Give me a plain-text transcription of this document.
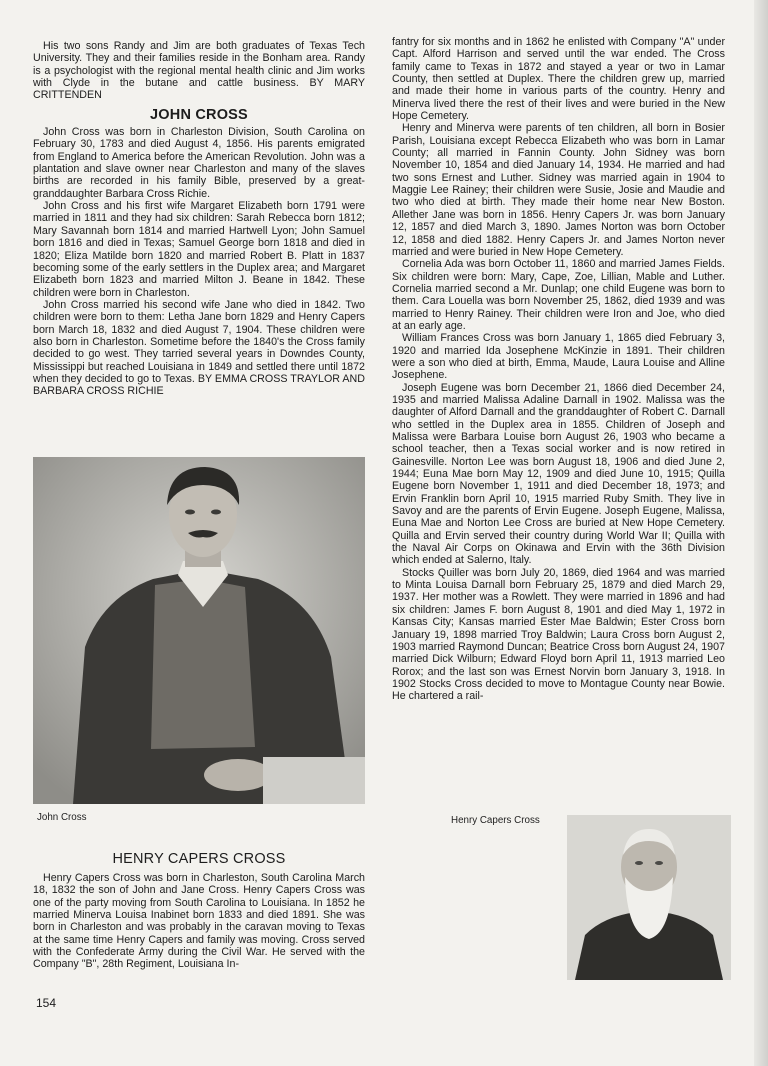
His two sons Randy and Jim are both graduates of Texas Tech University. They and their families reside in the Bonham area. Randy is a psychologist with the regional mental health clinic and Jim works with Clyde in the butane and cattle business. BY MARY CRITTENDEN

JOHN CROSS

John Cross was born in Charleston Division, South Carolina on February 30, 1783 and died August 4, 1856. His parents emigrated from England to America before the American Revolution. John was a plantation and slave owner near Charleston and many of the slaves births are recorded in his family Bible, preserved by a great-granddaughter Barbara Cross Richie.

John Cross and his first wife Margaret Elizabeth born 1791 were married in 1811 and they had six children: Sarah Rebecca born 1812; Mary Savannah born 1814 and married Hartwell Lyon; John Samuel born 1816 and died in Texas; Samuel George born 1818 and died in 1820; Eliza Matilde born 1820 and married Robert B. Platt in 1837 becoming some of the early settlers in the Duplex area; and Margaret Elizabeth born 1823 and married Milton J. Beane in 1842. These children were born in Charleston.

John Cross married his second wife Jane who died in 1842. Two children were born to them: Letha Jane born 1829 and Henry Capers born March 18, 1832 and died August 7, 1904. These children were also born in Charleston. Sometime before the 1840's the Cross family decided to go west. They tarried several years in Downdes County, Mississippi but reached Louisiana in 1849 and settled there until 1872 when they decided to go to Texas. BY EMMA CROSS TRAYLOR AND BARBARA CROSS RICHIE

John Cross
HENRY CAPERS CROSS

Henry Capers Cross was born in Charleston, South Carolina March 18, 1832 the son of John and Jane Cross. Henry Capers Cross was one of the party moving from South Carolina to Louisiana. In 1852 he married Minerva Louisa Inabinet born 1833 and died 1891. She was born in Charleston and was probably in the caravan moving to Texas at the same time Henry Capers and family was moving. Cross served with the Confederate Army during the Civil War. He served with the Company "B", 28th Regiment, Louisiana In-

fantry for six months and in 1862 he enlisted with Company "A" under Capt. Alford Harrison and served until the war ended. The Cross family came to Texas in 1872 and stayed a year or two in Lamar County, then settled at Duplex. There the children grew up, married and made their home in various parts of the country. Henry and Minerva lived there the rest of their lives and were buried in the New Hope Cemetery.

Henry and Minerva were parents of ten children, all born in Bosier Parish, Louisiana except Rebecca Elizabeth who was born in Lamar County; all married in Fannin County. John Sidney was born November 10, 1854 and died January 14, 1934. He married and had two sons Ernest and Luther. Sidney was married again in 1904 to Maggie Lee Rainey; their children were Susie, Josie and Maudie and two who died at birth. They made their home near New Boston. Allether Jane was born in 1856. Henry Capers Jr. was born January 12, 1857 and died March 3, 1890. James Norton was born October 12, 1858 and died 1882. Henry Capers Jr. and James Norton never married and were buried in New Hope Cemetery.

Cornelia Ada was born October 11, 1860 and married James Fields. Six children were born: Mary, Cape, Zoe, Lillian, Mable and Luther. Cornelia married second a Mr. Dunlap; one child Eugene was born to them. Cara Louella was born November 25, 1862, died 1939 and was married to Henry Rainey. Their children were Iron and Joe, who died at an early age.

William Frances Cross was born January 1, 1865 died February 3, 1920 and married Ida Josephene McKinzie in 1891. Their children were a son who died at birth, Emma, Maude, Laura Louise and Alline Josephene.

Joseph Eugene was born December 21, 1866 died December 24, 1935 and married Malissa Adaline Darnall in 1902. Malissa was the daughter of Alford Darnall and the granddaughter of Robert C. Darnall who settled in the Duplex area in 1855. Children of Joseph and Malissa were Barbara Louise born August 26, 1903 who became a school teacher, then a Texas social worker and is now retired in Gainesville. Norton Lee was born August 18, 1906 and died June 2, 1944; Euna Mae born May 12, 1909 and died June 10, 1915; Quilla Eugene born November 1, 1911 and died December 18, 1973; and Ervin Franklin born April 10, 1915 married Ruby Smith. They live in Savoy and are the parents of Ervin Eugene. Joseph Eugene, Malissa, Euna Mae and Norton Lee Cross are buried at New Hope Cemetery. Quilla and Ervin served their country during World War II; Quilla with the Naval Air Corps on Okinawa and Ervin with the 36th Division which ended at Salerno, Italy.

Stocks Quiller was born July 20, 1869, died 1964 and was married to Minta Louisa Darnall born February 25, 1879 and died March 29, 1937. Her mother was a Rowlett. They were married in 1896 and had six children: James F. born August 8, 1901 and died May 1, 1972 in Kansas City; Kansas married Ester Mae Baldwin; Ester Cross born January 19, 1898 married Troy Baldwin; Laura Cross born August 2, 1903 married Raymond Duncan; Beatrice Cross born August 24, 1907 married Dick Wilburn; Edward Floyd born April 11, 1913 married Leo Rorox; and the last son was Ernest Norvin born January 3, 1918. In 1902 Stocks Cross decided to move to Montague County near Bowie. He chartered a rail-

Henry Capers Cross
154
